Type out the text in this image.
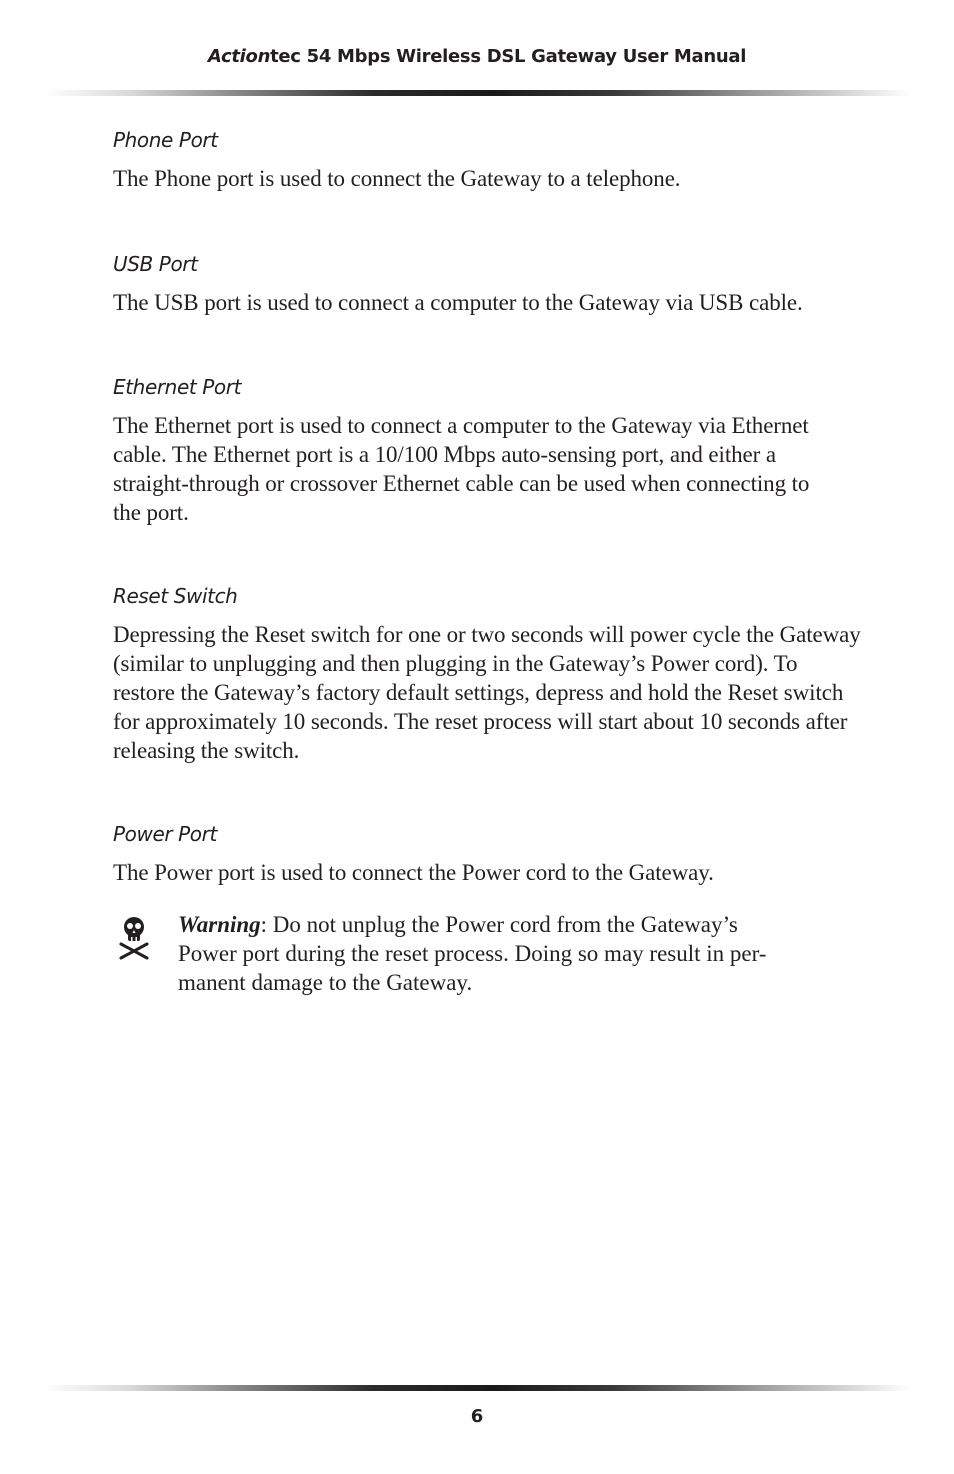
Actiontec 54 Mbps Wireless DSL Gateway User Manual
Phone Port

The Phone port is used to connect the Gateway to a telephone.

USB Port

The USB port is used to connect a computer to the Gateway via USB cable.

Ethernet Port
The Ethernet port is used to connect a computer to the Gateway via Ethernet
cable. The Ethernet port is a 10/100 Mbps auto-sensing port, and either a
straight-through or crossover Ethernet cable can be used when connecting to
the port.
Reset Switch
Depressing the Reset switch for one or two seconds will power cycle the Gateway
(similar to unplugging and then plugging in the Gateway’s Power cord). To
restore the Gateway’s factory default settings, depress and hold the Reset switch
for approximately 10 seconds. The reset process will start about 10 seconds after
releasing the switch.
Power Port

The Power port is used to connect the Power cord to the Gateway.

Warning: Do not unplug the Power cord from the Gateway’s
Power port during the reset process. Doing so may result in per-
manent damage to the Gateway.
6
